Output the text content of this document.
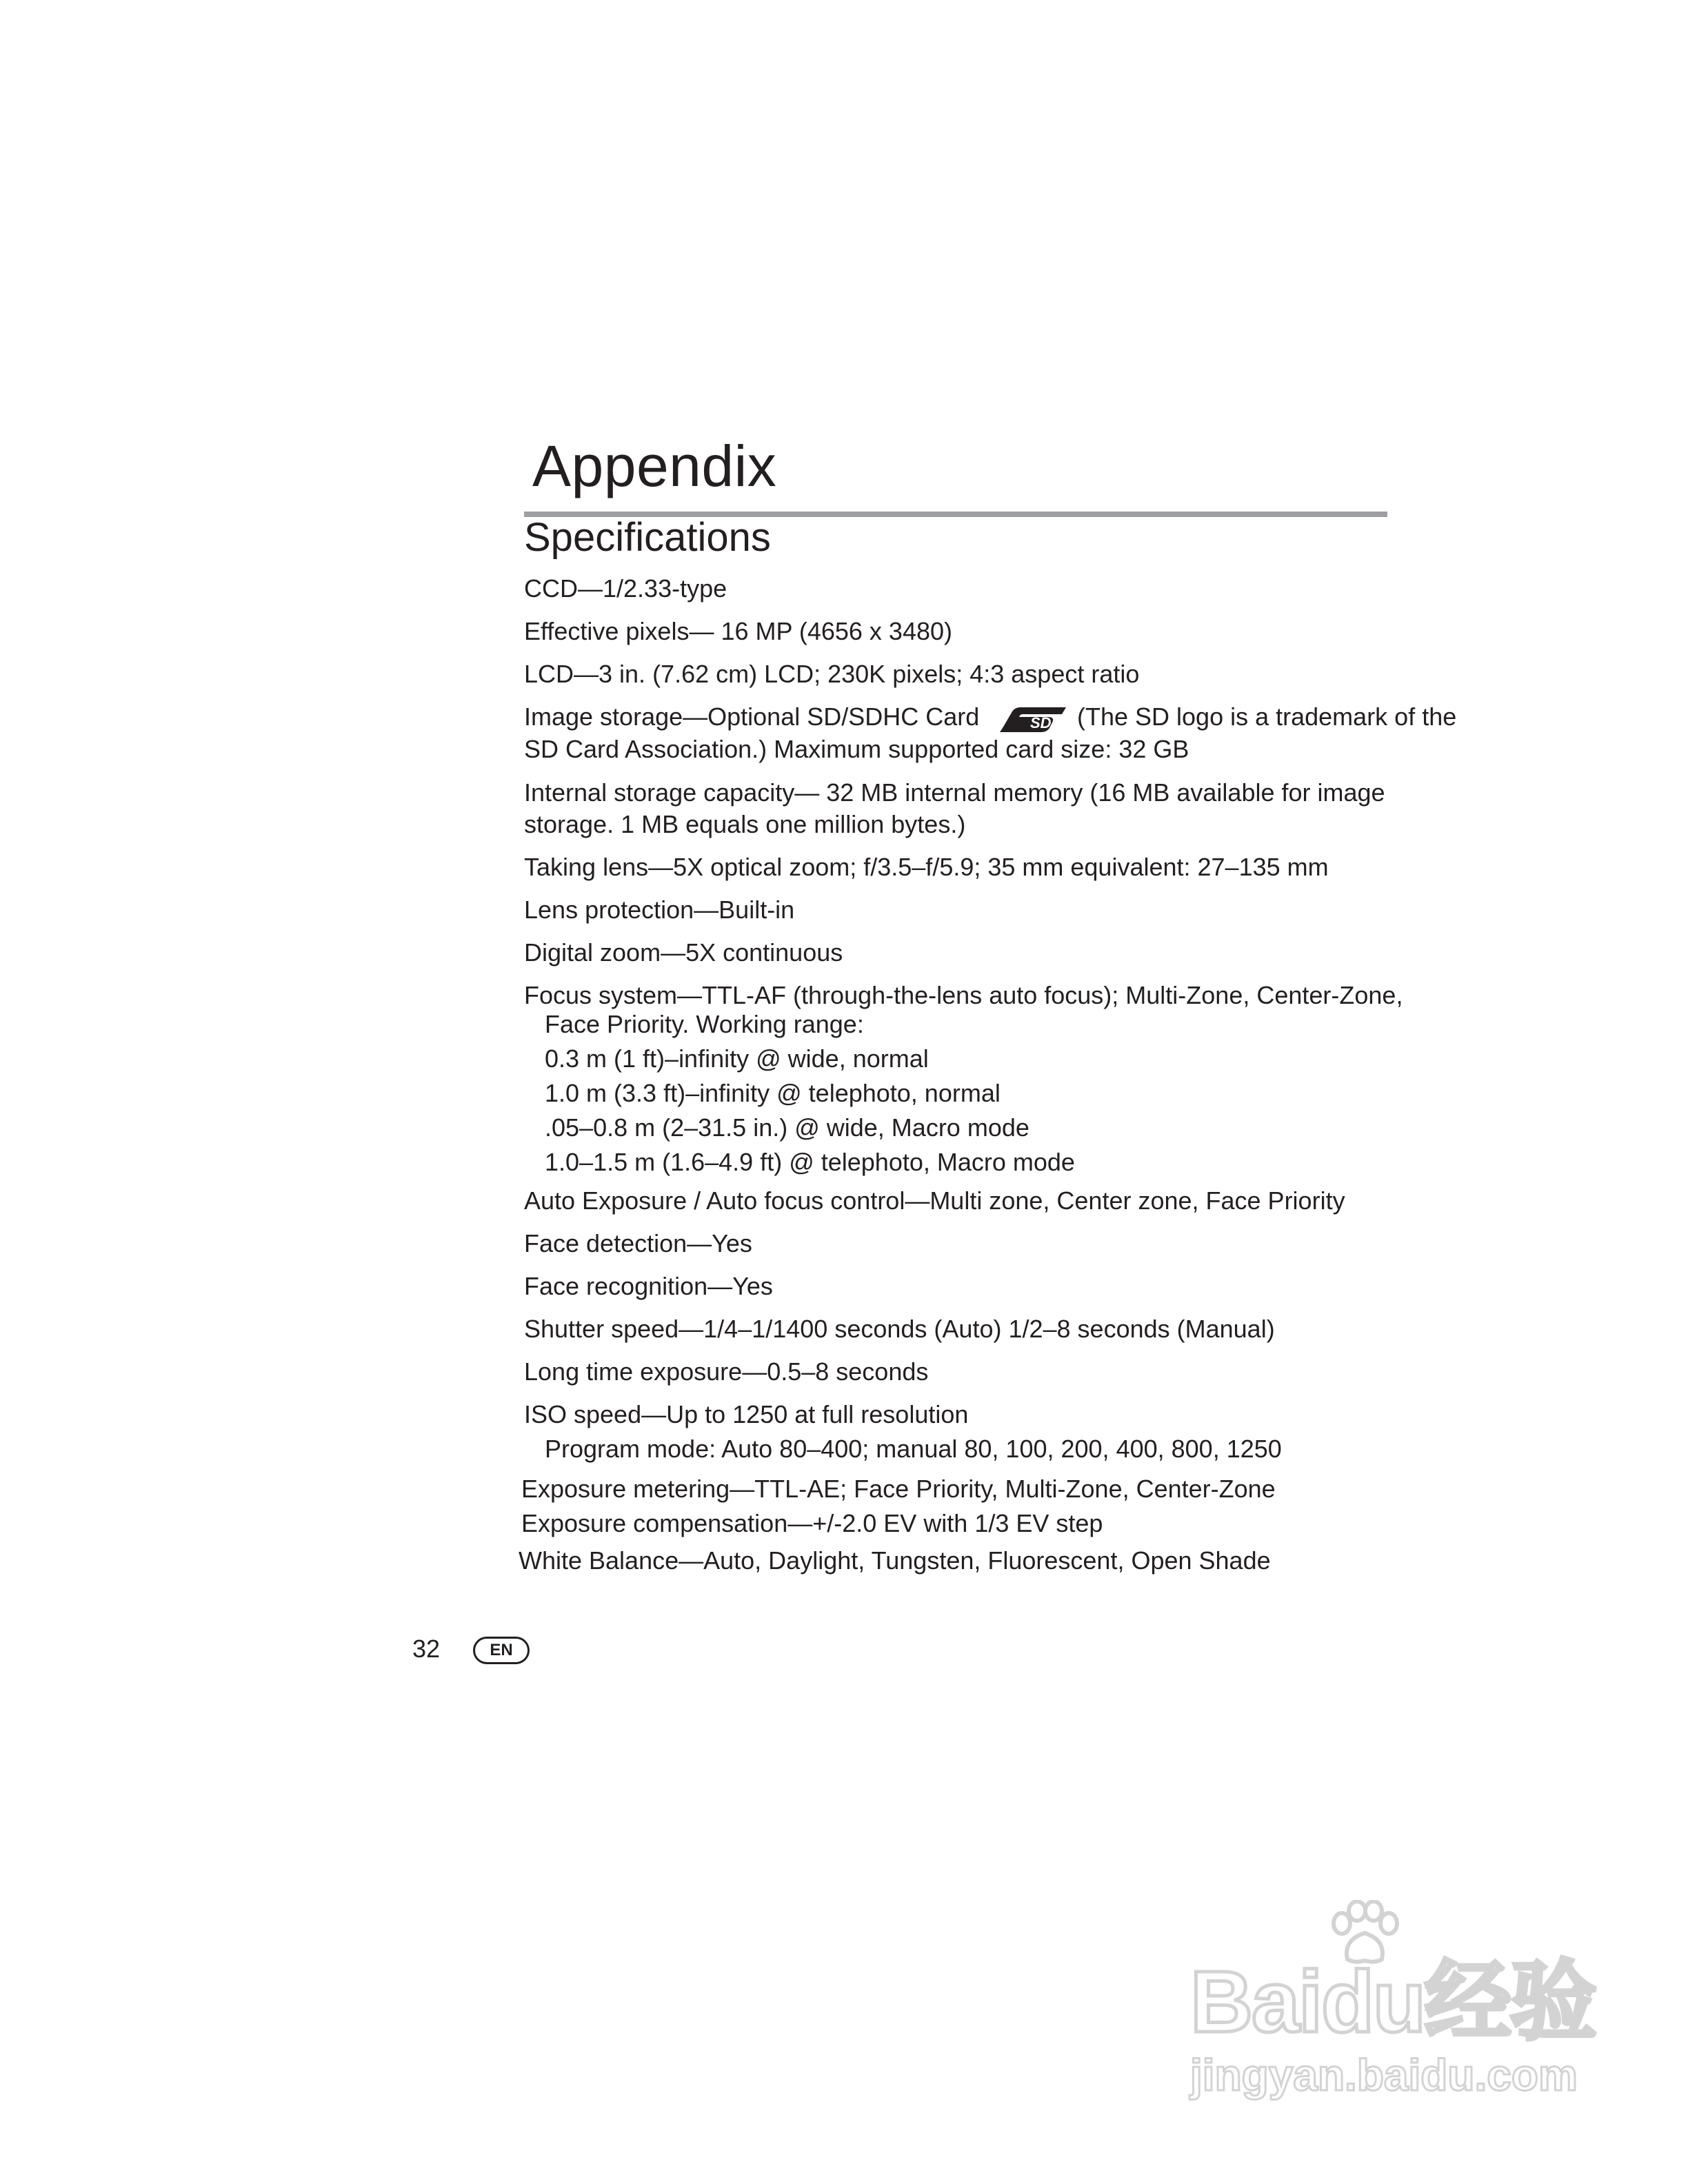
Appendix
Specifications
CCD—1/2.33-type
Effective pixels— 16 MP (4656 x 3480)
LCD—3 in. (7.62 cm) LCD; 230K pixels; 4:3 aspect ratio
Image storage—Optional SD/SDHC Card	SD (The SD logo is a trademark of the
SD Card Association.) Maximum supported card size: 32 GB
Internal storage capacity— 32 MB internal memory (16 MB available for image
storage. 1 MB equals one million bytes.)
Taking lens—5X optical zoom; f/3.5–f/5.9; 35 mm equivalent: 27–135 mm
Lens protection—Built-in
Digital zoom—5X continuous
Focus system—TTL-AF (through-the-lens auto focus); Multi-Zone, Center-Zone,
Face Priority. Working range:
0.3 m (1 ft)–infinity @ wide, normal
1.0 m (3.3 ft)–infinity @ telephoto, normal
.05–0.8 m (2–31.5 in.) @ wide, Macro mode
1.0–1.5 m (1.6–4.9 ft) @ telephoto, Macro mode
Auto Exposure / Auto focus control—Multi zone, Center zone, Face Priority
Face detection—Yes
Face recognition—Yes
Shutter speed—1/4–1/1400 seconds (Auto) 1/2–8 seconds (Manual)
Long time exposure—0.5–8 seconds
ISO speed—Up to 1250 at full resolution
Program mode: Auto 80–400; manual 80, 100, 200, 400, 800, 1250
Exposure metering—TTL-AE; Face Priority, Multi-Zone, Center-Zone
Exposure compensation—+/-2.0 EV with 1/3 EV step
White Balance—Auto, Daylight, Tungsten, Fluorescent, Open Shade
32	EN
Baidu经验
jingyan.baidu.com
